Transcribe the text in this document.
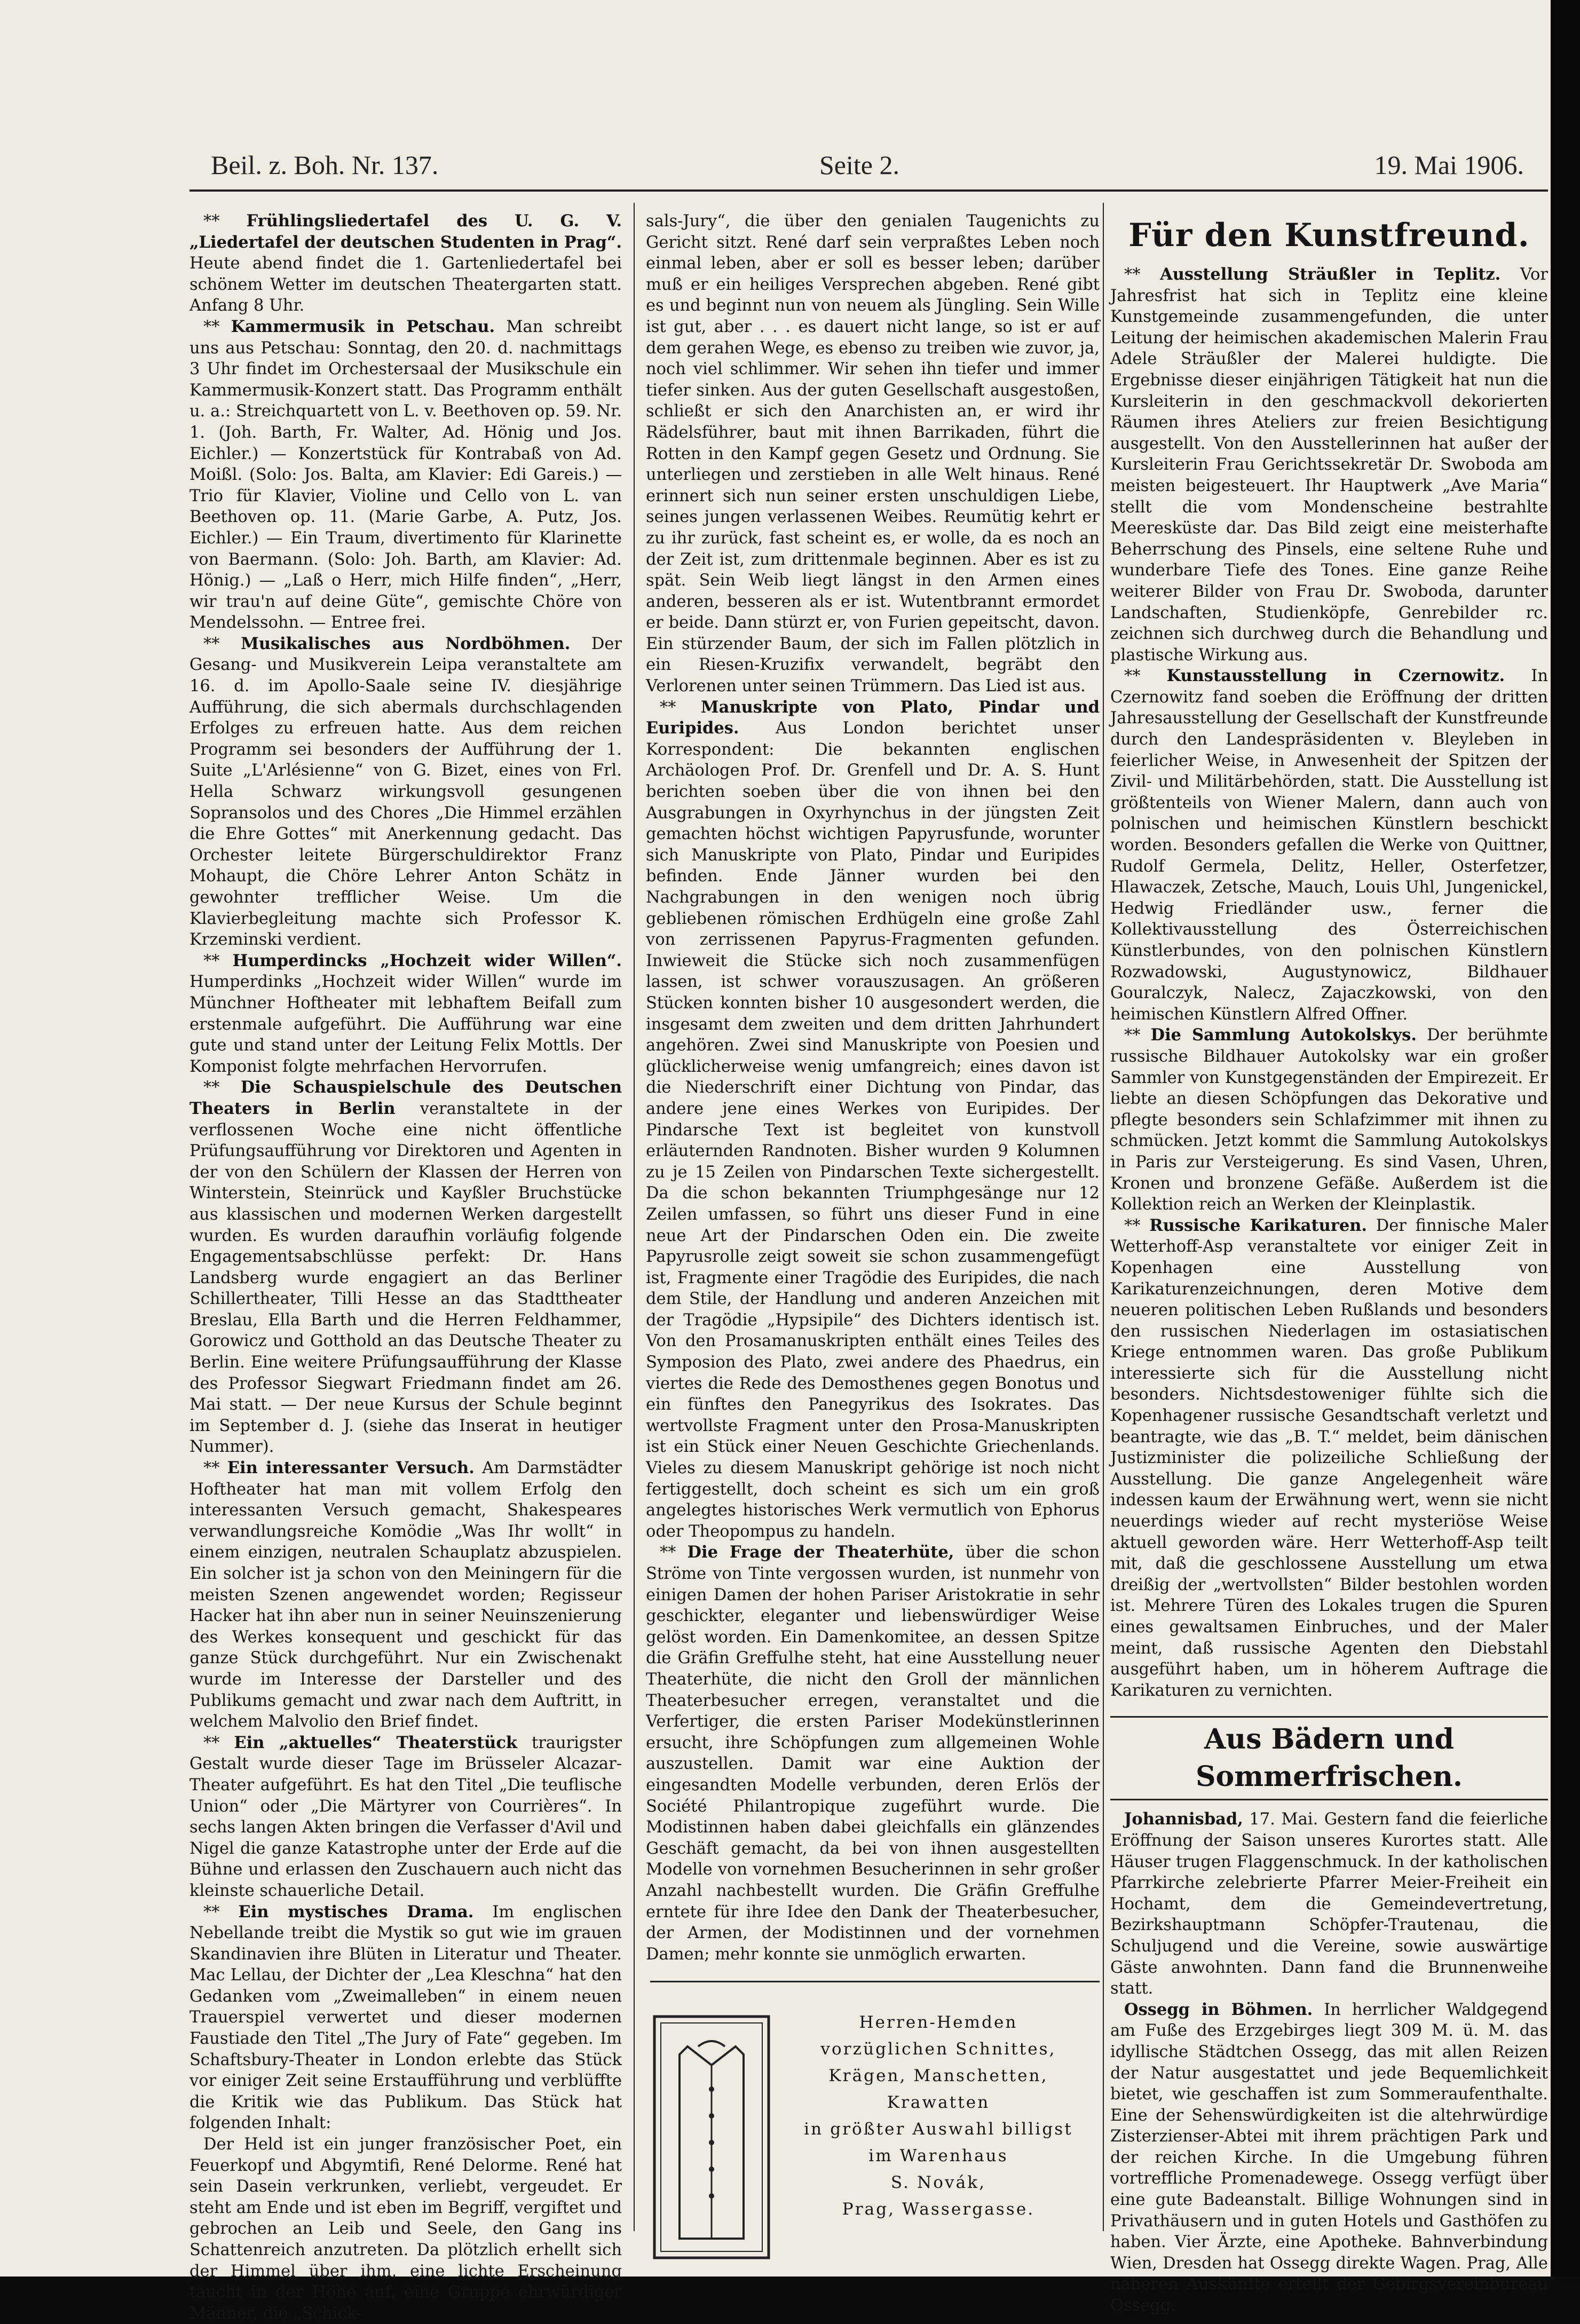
Beil. z. Boh. Nr. 137.	Seite 2.	19. Mai 1906.

** Frühlingsliedertafel des U. G. V. „Liedertafel der deutschen Studenten in Prag“. Heute abend findet die 1. Gartenliedertafel bei schönem Wetter im deutschen Theatergarten statt. Anfang 8 Uhr.

** Kammermusik in Petschau. Man schreibt uns aus Petschau: Sonntag, den 20. d. nachmittags 3 Uhr findet im Orchestersaal der Musikschule ein Kammermusik-Konzert statt. Das Programm enthält u. a.: Streichquartett von L. v. Beethoven op. 59. Nr. 1. (Joh. Barth, Fr. Walter, Ad. Hönig und Jos. Eichler.) — Konzertstück für Kontrabaß von Ad. Moißl. (Solo: Jos. Balta, am Klavier: Edi Gareis.) — Trio für Klavier, Violine und Cello von L. van Beethoven op. 11. (Marie Garbe, A. Putz, Jos. Eichler.) — Ein Traum, divertimento für Klarinette von Baermann. (Solo: Joh. Barth, am Klavier: Ad. Hönig.) — „Laß o Herr, mich Hilfe finden“, „Herr, wir trau'n auf deine Güte“, gemischte Chöre von Mendelssohn. — Entree frei.

** Musikalisches aus Nordböhmen. Der Gesang- und Musikverein Leipa veranstaltete am 16. d. im Apollo-Saale seine IV. diesjährige Aufführung, die sich abermals durchschlagenden Erfolges zu erfreuen hatte. Aus dem reichen Programm sei besonders der Aufführung der 1. Suite „L'Arlésienne“ von G. Bizet, eines von Frl. Hella Schwarz wirkungsvoll gesungenen Sopransolos und des Chores „Die Himmel erzählen die Ehre Gottes“ mit Anerkennung gedacht. Das Orchester leitete Bürgerschuldirektor Franz Mohaupt, die Chöre Lehrer Anton Schätz in gewohnter trefflicher Weise. Um die Klavierbegleitung machte sich Professor K. Krzeminski verdient.

** Humperdincks „Hochzeit wider Willen“. Humperdinks „Hochzeit wider Willen“ wurde im Münchner Hoftheater mit lebhaftem Beifall zum erstenmale aufgeführt. Die Aufführung war eine gute und stand unter der Leitung Felix Mottls. Der Komponist folgte mehrfachen Hervorrufen.

** Die Schauspielschule des Deutschen Theaters in Berlin veranstaltete in der verflossenen Woche eine nicht öffentliche Prüfungsaufführung vor Direktoren und Agenten in der von den Schülern der Klassen der Herren von Winterstein, Steinrück und Kayßler Bruchstücke aus klassischen und modernen Werken dargestellt wurden. Es wurden daraufhin vorläufig folgende Engagementsabschlüsse perfekt: Dr. Hans Landsberg wurde engagiert an das Berliner Schillertheater, Tilli Hesse an das Stadttheater Breslau, Ella Barth und die Herren Feldhammer, Gorowicz und Gotthold an das Deutsche Theater zu Berlin. Eine weitere Prüfungsaufführung der Klasse des Professor Siegwart Friedmann findet am 26. Mai statt. — Der neue Kursus der Schule beginnt im September d. J. (siehe das Inserat in heutiger Nummer).

** Ein interessanter Versuch. Am Darmstädter Hoftheater hat man mit vollem Erfolg den interessanten Versuch gemacht, Shakespeares verwandlungsreiche Komödie „Was Ihr wollt“ in einem einzigen, neutralen Schauplatz abzuspielen. Ein solcher ist ja schon von den Meiningern für die meisten Szenen angewendet worden; Regisseur Hacker hat ihn aber nun in seiner Neuinszenierung des Werkes konsequent und geschickt für das ganze Stück durchgeführt. Nur ein Zwischenakt wurde im Interesse der Darsteller und des Publikums gemacht und zwar nach dem Auftritt, in welchem Malvolio den Brief findet.

** Ein „aktuelles“ Theaterstück traurigster Gestalt wurde dieser Tage im Brüsseler Alcazar-Theater aufgeführt. Es hat den Titel „Die teuflische Union“ oder „Die Märtyrer von Courrières“. In sechs langen Akten bringen die Verfasser d'Avil und Nigel die ganze Katastrophe unter der Erde auf die Bühne und erlassen den Zuschauern auch nicht das kleinste schauerliche Detail.

** Ein mystisches Drama. Im englischen Nebellande treibt die Mystik so gut wie im grauen Skandinavien ihre Blüten in Literatur und Theater. Mac Lellau, der Dichter der „Lea Kleschna“ hat den Gedanken vom „Zweimalleben“ in einem neuen Trauerspiel verwertet und dieser modernen Faustiade den Titel „The Jury of Fate“ gegeben. Im Schaftsbury-Theater in London erlebte das Stück vor einiger Zeit seine Erstaufführung und verblüffte die Kritik wie das Publikum. Das Stück hat folgenden Inhalt:

Der Held ist ein junger französischer Poet, ein Feuerkopf und Abgymtifi, René Delorme. René hat sein Dasein verkrunken, verliebt, vergeudet. Er steht am Ende und ist eben im Begriff, vergiftet und gebrochen an Leib und Seele, den Gang ins Schattenreich anzutreten. Da plötzlich erhellt sich der Himmel über ihm, eine lichte Erscheinung taucht in der Höhe auf, eine Gruppe ehrwürdiger Männer, die „Schick-

sals-Jury“, die über den genialen Taugenichts zu Gericht sitzt. René darf sein verpraßtes Leben noch einmal leben, aber er soll es besser leben; darüber muß er ein heiliges Versprechen abgeben. René gibt es und beginnt nun von neuem als Jüngling. Sein Wille ist gut, aber . . . es dauert nicht lange, so ist er auf dem gerahen Wege, es ebenso zu treiben wie zuvor, ja, noch viel schlimmer. Wir sehen ihn tiefer und immer tiefer sinken. Aus der guten Gesellschaft ausgestoßen, schließt er sich den Anarchisten an, er wird ihr Rädelsführer, baut mit ihnen Barrikaden, führt die Rotten in den Kampf gegen Gesetz und Ordnung. Sie unterliegen und zerstieben in alle Welt hinaus. René erinnert sich nun seiner ersten unschuldigen Liebe, seines jungen verlassenen Weibes. Reumütig kehrt er zu ihr zurück, fast scheint es, er wolle, da es noch an der Zeit ist, zum drittenmale beginnen. Aber es ist zu spät. Sein Weib liegt längst in den Armen eines anderen, besseren als er ist. Wutentbrannt ermordet er beide. Dann stürzt er, von Furien gepeitscht, davon. Ein stürzender Baum, der sich im Fallen plötzlich in ein Riesen-Kruzifix verwandelt, begräbt den Verlorenen unter seinen Trümmern. Das Lied ist aus.

** Manuskripte von Plato, Pindar und Euripides. Aus London berichtet unser Korrespondent: Die bekannten englischen Archäologen Prof. Dr. Grenfell und Dr. A. S. Hunt berichten soeben über die von ihnen bei den Ausgrabungen in Oxyrhynchus in der jüngsten Zeit gemachten höchst wichtigen Papyrusfunde, worunter sich Manuskripte von Plato, Pindar und Euripides befinden. Ende Jänner wurden bei den Nachgrabungen in den wenigen noch übrig gebliebenen römischen Erdhügeln eine große Zahl von zerrissenen Papyrus-Fragmenten gefunden. Inwieweit die Stücke sich noch zusammenfügen lassen, ist schwer vorauszusagen. An größeren Stücken konnten bisher 10 ausgesondert werden, die insgesamt dem zweiten und dem dritten Jahrhundert angehören. Zwei sind Manuskripte von Poesien und glücklicherweise wenig umfangreich; eines davon ist die Niederschrift einer Dichtung von Pindar, das andere jene eines Werkes von Euripides. Der Pindarsche Text ist begleitet von kunstvoll erläuternden Randnoten. Bisher wurden 9 Kolumnen zu je 15 Zeilen von Pindarschen Texte sichergestellt. Da die schon bekannten Triumphgesänge nur 12 Zeilen umfassen, so führt uns dieser Fund in eine neue Art der Pindarschen Oden ein. Die zweite Papyrusrolle zeigt soweit sie schon zusammengefügt ist, Fragmente einer Tragödie des Euripides, die nach dem Stile, der Handlung und anderen Anzeichen mit der Tragödie „Hypsipile“ des Dichters identisch ist. Von den Prosamanuskripten enthält eines Teiles des Symposion des Plato, zwei andere des Phaedrus, ein viertes die Rede des Demosthenes gegen Bonotus und ein fünftes den Panegyrikus des Isokrates. Das wertvollste Fragment unter den Prosa-Manuskripten ist ein Stück einer Neuen Geschichte Griechenlands. Vieles zu diesem Manuskript gehörige ist noch nicht fertiggestellt, doch scheint es sich um ein groß angelegtes historisches Werk vermutlich von Ephorus oder Theopompus zu handeln.

** Die Frage der Theaterhüte, über die schon Ströme von Tinte vergossen wurden, ist nunmehr von einigen Damen der hohen Pariser Aristokratie in sehr geschickter, eleganter und liebenswürdiger Weise gelöst worden. Ein Damenkomitee, an dessen Spitze die Gräfin Greffulhe steht, hat eine Ausstellung neuer Theaterhüte, die nicht den Groll der männlichen Theaterbesucher erregen, veranstaltet und die Verfertiger, die ersten Pariser Modekünstlerinnen ersucht, ihre Schöpfungen zum allgemeinen Wohle auszustellen. Damit war eine Auktion der eingesandten Modelle verbunden, deren Erlös der Société Philantropique zugeführt wurde. Die Modistinnen haben dabei gleichfalls ein glänzendes Geschäft gemacht, da bei von ihnen ausgestellten Modelle von vornehmen Besucherinnen in sehr großer Anzahl nachbestellt wurden. Die Gräfin Greffulhe erntete für ihre Idee den Dank der Theaterbesucher, der Armen, der Modistinnen und der vornehmen Damen; mehr konnte sie unmöglich erwarten.

Herren-Hemden
vorzüglichen Schnittes,
Krägen, Manschetten,
Krawatten
in größter Auswahl billigst
im Warenhaus
S. Novák,
Prag, Wassergasse.
Für den Kunstfreund.

** Ausstellung Sträußler in Teplitz. Vor Jahresfrist hat sich in Teplitz eine kleine Kunstgemeinde zusammengefunden, die unter Leitung der heimischen akademischen Malerin Frau Adele Sträußler der Malerei huldigte. Die Ergebnisse dieser einjährigen Tätigkeit hat nun die Kursleiterin in den geschmackvoll dekorierten Räumen ihres Ateliers zur freien Besichtigung ausgestellt. Von den Ausstellerinnen hat außer der Kursleiterin Frau Gerichtssekretär Dr. Swoboda am meisten beigesteuert. Ihr Hauptwerk „Ave Maria“ stellt die vom Mondenscheine bestrahlte Meeresküste dar. Das Bild zeigt eine meisterhafte Beherrschung des Pinsels, eine seltene Ruhe und wunderbare Tiefe des Tones. Eine ganze Reihe weiterer Bilder von Frau Dr. Swoboda, darunter Landschaften, Studienköpfe, Genrebilder rc. zeichnen sich durchweg durch die Behandlung und plastische Wirkung aus.

** Kunstausstellung in Czernowitz. In Czernowitz fand soeben die Eröffnung der dritten Jahresausstellung der Gesellschaft der Kunstfreunde durch den Landespräsidenten v. Bleyleben in feierlicher Weise, in Anwesenheit der Spitzen der Zivil- und Militärbehörden, statt. Die Ausstellung ist größtenteils von Wiener Malern, dann auch von polnischen und heimischen Künstlern beschickt worden. Besonders gefallen die Werke von Quittner, Rudolf Germela, Delitz, Heller, Osterfetzer, Hlawaczek, Zetsche, Mauch, Louis Uhl, Jungenickel, Hedwig Friedländer usw., ferner die Kollektivausstellung des Österreichischen Künstlerbundes, von den polnischen Künstlern Rozwadowski, Augustynowicz, Bildhauer Gouralczyk, Nalecz, Zajaczkowski, von den heimischen Künstlern Alfred Offner.

** Die Sammlung Autokolskys. Der berühmte russische Bildhauer Autokolsky war ein großer Sammler von Kunstgegenständen der Empirezeit. Er liebte an diesen Schöpfungen das Dekorative und pflegte besonders sein Schlafzimmer mit ihnen zu schmücken. Jetzt kommt die Sammlung Autokolskys in Paris zur Versteigerung. Es sind Vasen, Uhren, Kronen und bronzene Gefäße. Außerdem ist die Kollektion reich an Werken der Kleinplastik.

** Russische Karikaturen. Der finnische Maler Wetterhoff-Asp veranstaltete vor einiger Zeit in Kopenhagen eine Ausstellung von Karikaturenzeichnungen, deren Motive dem neueren politischen Leben Rußlands und besonders den russischen Niederlagen im ostasiatischen Kriege entnommen waren. Das große Publikum interessierte sich für die Ausstellung nicht besonders. Nichtsdestoweniger fühlte sich die Kopenhagener russische Gesandtschaft verletzt und beantragte, wie das „B. T.“ meldet, beim dänischen Justizminister die polizeiliche Schließung der Ausstellung. Die ganze Angelegenheit wäre indessen kaum der Erwähnung wert, wenn sie nicht neuerdings wieder auf recht mysteriöse Weise aktuell geworden wäre. Herr Wetterhoff-Asp teilt mit, daß die geschlossene Ausstellung um etwa dreißig der „wertvollsten“ Bilder bestohlen worden ist. Mehrere Türen des Lokales trugen die Spuren eines gewaltsamen Einbruches, und der Maler meint, daß russische Agenten den Diebstahl ausgeführt haben, um in höherem Auftrage die Karikaturen zu vernichten.

Aus Bädern und Sommerfrischen.

Johannisbad, 17. Mai. Gestern fand die feierliche Eröffnung der Saison unseres Kurortes statt. Alle Häuser trugen Flaggenschmuck. In der katholischen Pfarrkirche zelebrierte Pfarrer Meier-Freiheit ein Hochamt, dem die Gemeindevertretung, Bezirkshauptmann Schöpfer-Trautenau, die Schuljugend und die Vereine, sowie auswärtige Gäste anwohnten. Dann fand die Brunnenweihe statt.

Ossegg in Böhmen. In herrlicher Waldgegend am Fuße des Erzgebirges liegt 309 M. ü. M. das idyllische Städtchen Ossegg, das mit allen Reizen der Natur ausgestattet und jede Bequemlichkeit bietet, wie geschaffen ist zum Sommeraufenthalte. Eine der Sehenswürdigkeiten ist die altehrwürdige Zisterzienser-Abtei mit ihrem prächtigen Park und der reichen Kirche. In die Umgebung führen vortreffliche Promenadewege. Ossegg verfügt über eine gute Badeanstalt. Billige Wohnungen sind in Privathäusern und in guten Hotels und Gasthöfen zu haben. Vier Ärzte, eine Apotheke. Bahnverbindung Wien, Dresden hat Ossegg direkte Wagen. Prag, Alle näheren Auskünfte erteilt der Gebirgsvereinbureau Ossegg.
